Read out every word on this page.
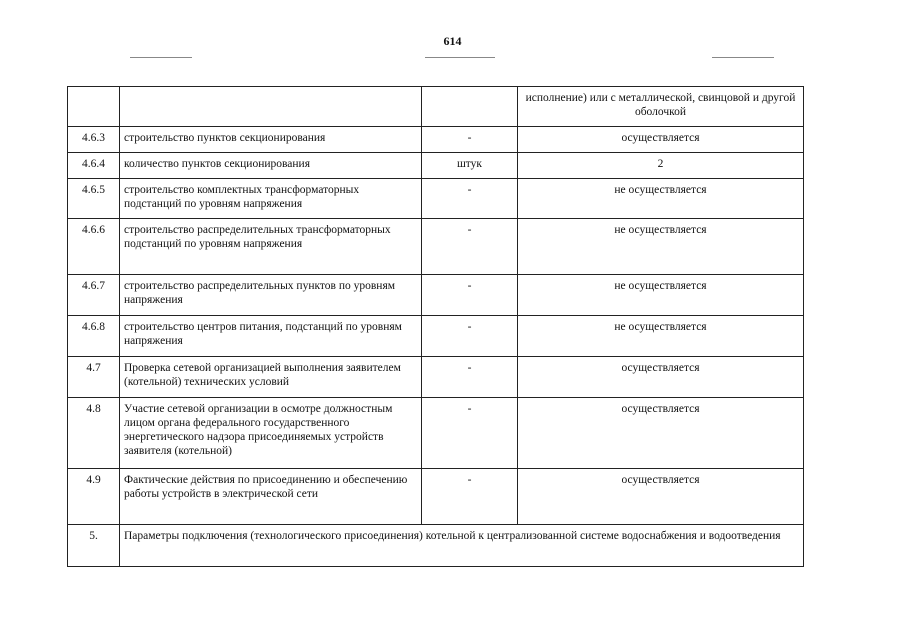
614
			исполнение) или с металлической, свинцовой и другой оболочкой
4.6.3	строительство пунктов секционирования	-	осуществляется
4.6.4	количество пунктов секционирования	штук	2
4.6.5	строительство комплектных трансформаторных подстанций по уровням напряжения	-	не осуществляется
4.6.6	строительство распределительных трансформаторных подстанций по уровням напряжения	-	не осуществляется
4.6.7	строительство распределительных пунктов по уровням напряжения	-	не осуществляется
4.6.8	строительство центров питания, подстанций по уровням напряжения	-	не осуществляется
4.7	Проверка сетевой организацией выполнения заявителем (котельной) технических условий	-	осуществляется
4.8	Участие сетевой организации в осмотре должностным лицом органа федерального государственного энергетического надзора присоединяемых устройств заявителя (котельной)	-	осуществляется
4.9	Фактические действия по присоединению и обеспечению работы устройств в электрической сети	-	осуществляется
5.	Параметры подключения (технологического присоединения) котельной к централизованной системе водоснабжения и водоотведения		
